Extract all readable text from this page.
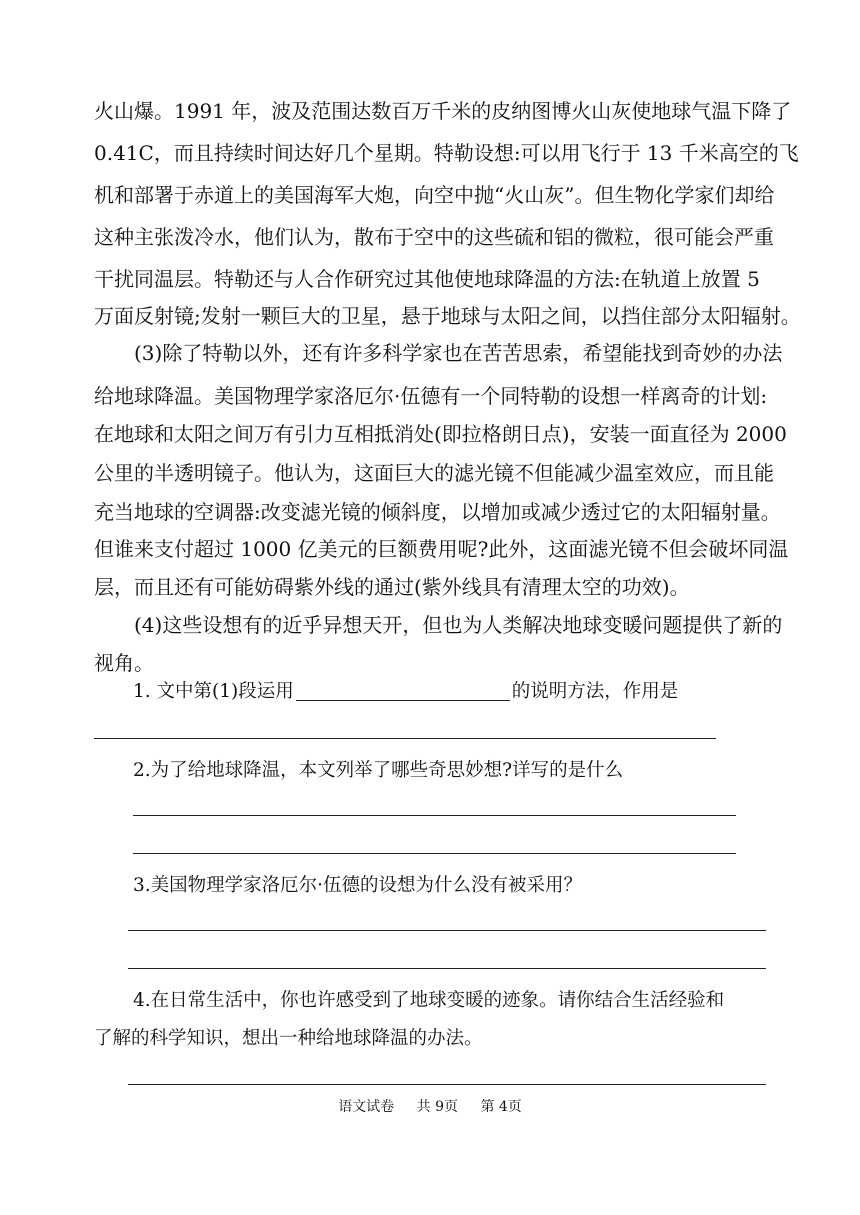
火山爆。1991 年，波及范围达数百万千米的皮纳图博火山灰使地球气温下降了
0.41C，而且持续时间达好几个星期。特勒设想:可以用飞行于 13 千米高空的飞
机和部署于赤道上的美国海军大炮，向空中抛“火山灰”。但生物化学家们却给
这种主张泼冷水，他们认为，散布于空中的这些硫和铝的微粒，很可能会严重
干扰同温层。特勒还与人合作研究过其他使地球降温的方法:在轨道上放置 5
万面反射镜;发射一颗巨大的卫星，悬于地球与太阳之间，以挡住部分太阳辐射。
　　(3)除了特勒以外，还有许多科学家也在苦苦思索，希望能找到奇妙的办法
给地球降温。美国物理学家洛厄尔·伍德有一个同特勒的设想一样离奇的计划:
在地球和太阳之间万有引力互相抵消处(即拉格朗日点)，安装一面直径为 2000
公里的半透明镜子。他认为，这面巨大的滤光镜不但能减少温室效应，而且能
充当地球的空调器:改变滤光镜的倾斜度，以增加或减少透过它的太阳辐射量。
但谁来支付超过 1000 亿美元的巨额费用呢?此外，这面滤光镜不但会破坏同温
层，而且还有可能妨碍紫外线的通过(紫外线具有清理太空的功效)。
　　(4)这些设想有的近乎异想天开，但也为人类解决地球变暖问题提供了新的
视角。
1. 文中第(1)段运用	的说明方法，作用是
2.为了给地球降温，本文列举了哪些奇思妙想?详写的是什么
3.美国物理学家洛厄尔·伍德的设想为什么没有被采用？
4.在日常生活中，你也许感受到了地球变暖的迹象。请你结合生活经验和
了解的科学知识，想出一种给地球降温的办法。
语文试卷 共 9页 第 4页
